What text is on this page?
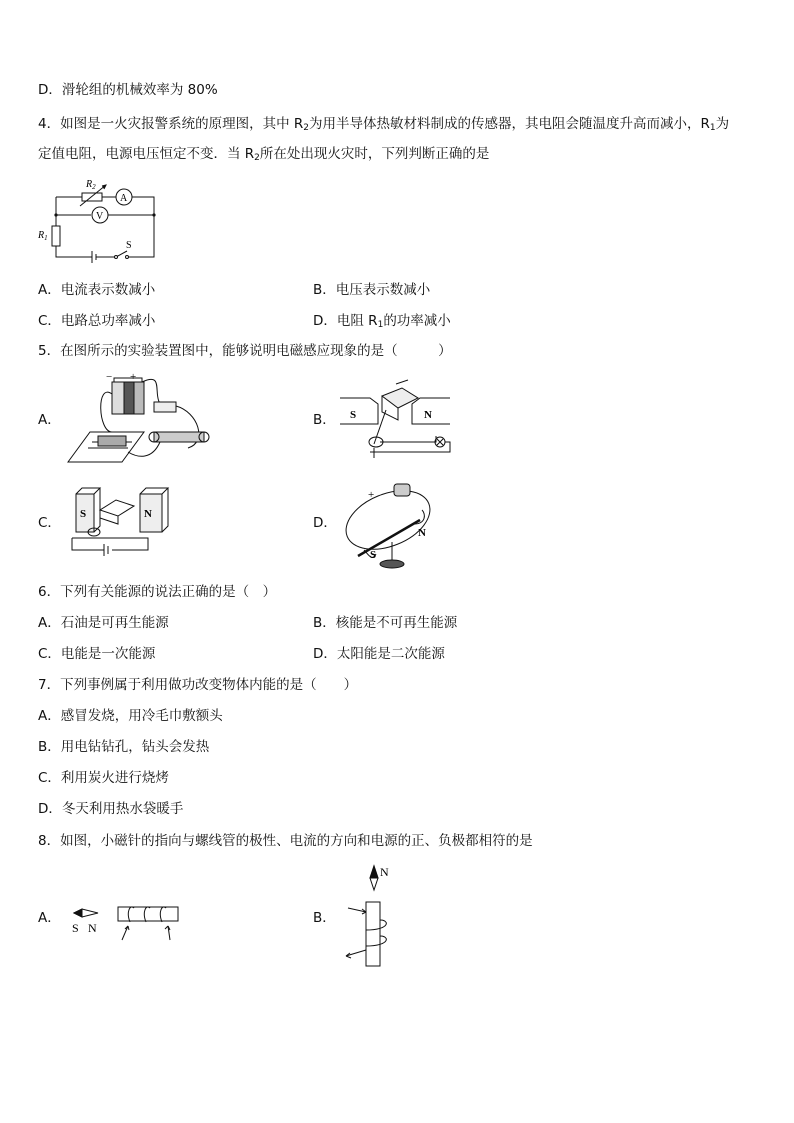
D．滑轮组的机械效率为 80%
4．如图是一火灾报警系统的原理图，其中 $R_2$为用半导体热敏材料制成的传感器，其电阻会随温度升高而减小，$R_1$为
定值电阻，电源电压恒定不变．当 $R_2$所在处出现火灾时，下列判断正确的是
$R_2$
A
V
$R_1$
S
A．电流表示数减小	B．电压表示数减小
C．电路总功率减小	D．电阻 $R_1$的功率减小
5．在图所示的实验装置图中，能够说明电磁感应现象的是（　　　）
A．
− +
B． S	N
C．
S	N
D．
+
S
N
6．下列有关能源的说法正确的是（　）
A．石油是可再生能源	B．核能是不可再生能源
C．电能是一次能源	D．太阳能是二次能源
7．下列事例属于利用做功改变物体内能的是（　　）
A．感冒发烧，用冷毛巾敷额头
B．用电钻钻孔，钻头会发热
C．利用炭火进行烧烤
D．冬天利用热水袋暖手
8．如图，小磁针的指向与螺线管的极性、电流的方向和电源的正、负极都相符的是
A．
S N
B．
N
